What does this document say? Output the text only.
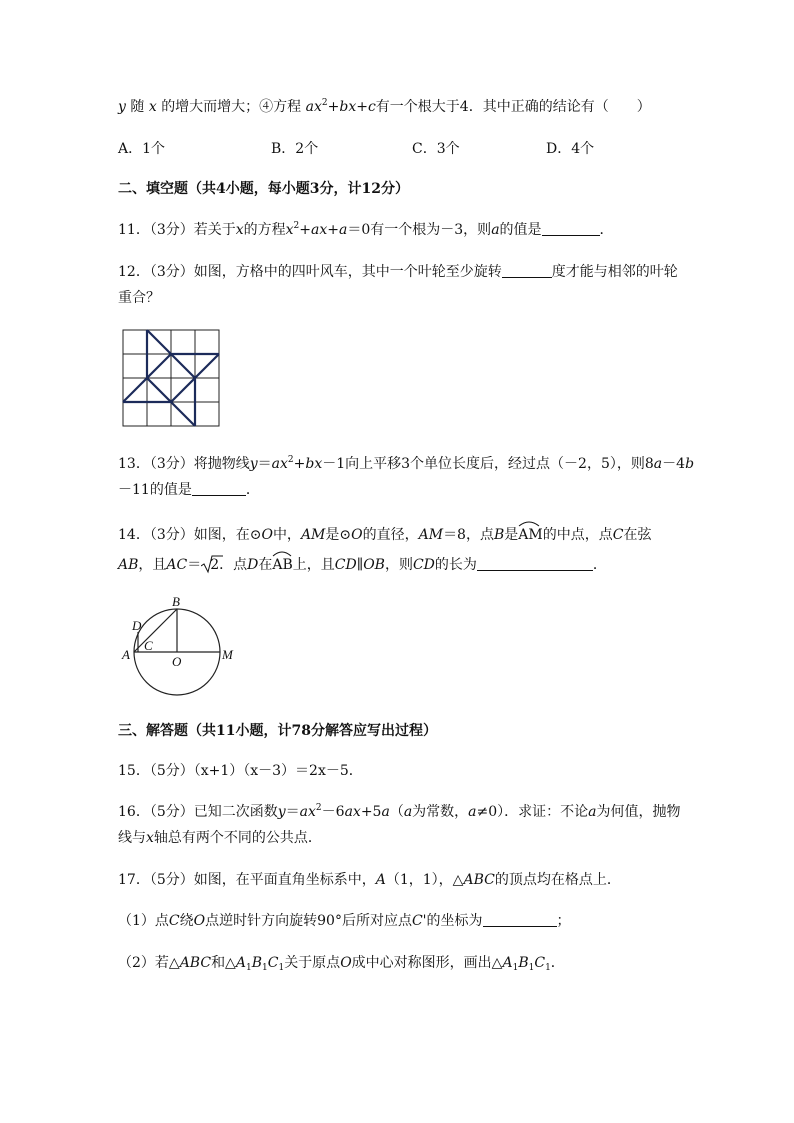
y 随 x 的增大而增大；④方程 $ax^2+bx+c$有一个根大于4．其中正确的结论有（　　）
A．1个	B．2个	C．3个	D．4个
二、填空题（共4小题，每小题3分，计12分）
11．（3分）若关于x的方程$x^2+ax+a=0$有一个根为－3，则a的值是	．
12．（3分）如图，方格中的四叶风车，其中一个叶轮至少旋转	度才能与相邻的叶轮
重合？
13．（3分）将抛物线$y=ax^2+bx-1$向上平移3个单位长度后，经过点（－2，5），则8a－4b
－11的值是	．
14．（3分）如图，在⊙O中，AM是⊙O的直径，AM＝8，点B是
AM的中点，点C在弦
AB，且AC＝ 2．点D在
AB上，且CD∥OB，则CD的长为	．
B
D
C
A	O	M
三、解答题（共11小题，计78分解答应写出过程）
15．（5分）（x+1）（x－3）＝2x－5．
16．（5分）已知二次函数$y=ax^2-6ax+5a(a$为常数，a≠0）．求证：不论a为何值，抛物
线与x轴总有两个不同的公共点．
17．（5分）如图，在平面直角坐标系中，A（1，1），△ABC的顶点均在格点上．
（1）点C绕O点逆时针方向旋转90°后所对应点C'的坐标为	；
（2）若△ABC和$\triangle A_1B_1C_1$关于原点O成中心对称图形，画出$\triangle A_1B_1C_1$．
